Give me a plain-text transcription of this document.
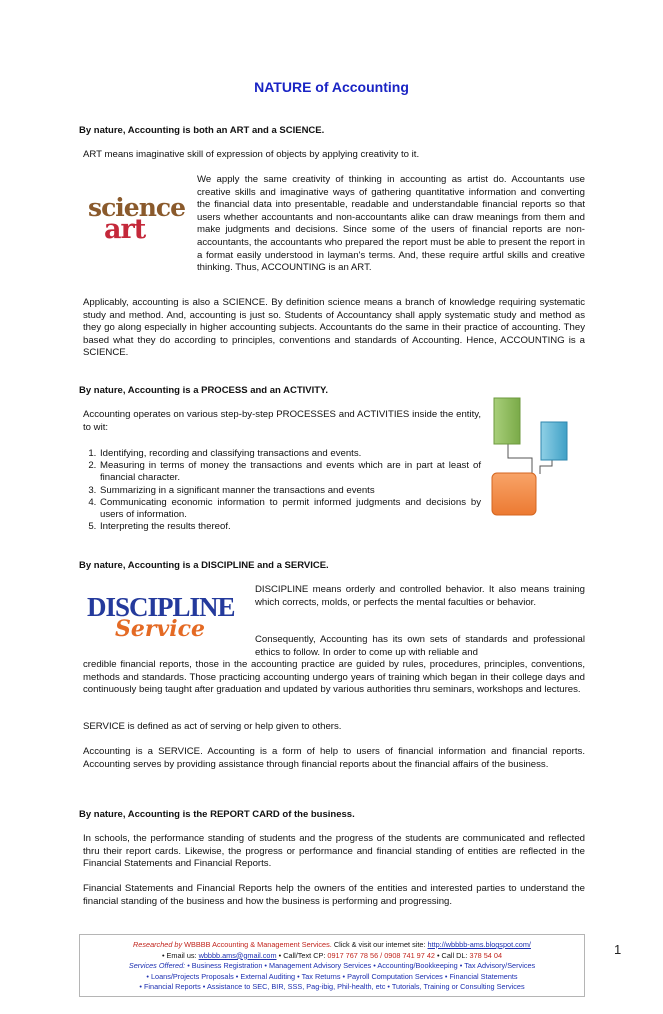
NATURE of Accounting
By nature, Accounting is both an ART and a SCIENCE.

ART means imaginative skill of expression of objects by applying creativity to it.

science
art

We apply the same creativity of thinking in accounting as artist do. Accountants use creative skills and imaginative ways of gathering quantitative information and converting the financial data into presentable, readable and understandable financial reports so that users whether accountants and non-accountants alike can draw meanings from them and make judgments and decisions. Since some of the users of financial reports are non-accountants, the accountants who prepared the report must be able to present the report in a format easily understood in layman's terms. And, these require artful skills and creative thinking. Thus, ACCOUNTING is an ART.

Applicably, accounting is also a SCIENCE. By definition science means a branch of knowledge requiring systematic study and method. And, accounting is just so. Students of Accountancy shall apply systematic study and method as they go along especially in higher accounting subjects. Accountants do the same in their practice of accounting. They based what they do according to principles, conventions and standards of Accounting. Hence, ACCOUNTING is a SCIENCE.

By nature, Accounting is a PROCESS and an ACTIVITY.

Accounting operates on various step-by-step PROCESSES and ACTIVITIES inside the entity, to wit:

1. Identifying, recording and classifying transactions and events.
2. Measuring in terms of money the transactions and events which are in part at least of financial character.
3. Summarizing in a significant manner the transactions and events
4. Communicating economic information to permit informed judgments and decisions by users of information.
5. Interpreting the results thereof.
By nature, Accounting is a DISCIPLINE and a SERVICE.
DISCIPLINE
Service

DISCIPLINE means orderly and controlled behavior. It also means training which corrects, molds, or perfects the mental faculties or behavior.

Consequently, Accounting has its own sets of standards and professional ethics to follow. In order to come up with reliable and

credible financial reports, those in the accounting practice are guided by rules, procedures, principles, conventions, methods and standards. Those practicing accounting undergo years of training which began in their college days and continuously being taught after graduation and updated by various authorities thru seminars, workshops and lectures.

SERVICE is defined as act of serving or help given to others.

Accounting is a SERVICE. Accounting is a form of help to users of financial information and financial reports. Accounting serves by providing assistance through financial reports about the financial affairs of the business.

By nature, Accounting is the REPORT CARD of the business.

In schools, the performance standing of students and the progress of the students are communicated and reflected thru their report cards. Likewise, the progress or performance and financial standing of entities are reflected in the Financial Statements and Financial Reports.

Financial Statements and Financial Reports help the owners of the entities and interested parties to understand the financial standing of the business and how the business is performing and progressing.

Researched by WBBBB Accounting & Management Services. Click & visit our internet site: http://wbbbb-ams.blogspot.com/
• Email us: wbbbb.ams@gmail.com • Call/Text CP: 0917 767 78 56 / 0908 741 97 42 • Call DL: 378 54 04
Services Offered: • Business Registration • Management Advisory Services • Accounting/Bookkeeping • Tax Advisory/Services
• Loans/Projects Proposals • External Auditing • Tax Returns • Payroll Computation Services • Financial Statements
• Financial Reports • Assistance to SEC, BIR, SSS, Pag-ibig, Phil-health, etc • Tutorials, Training or Consulting Services
1
